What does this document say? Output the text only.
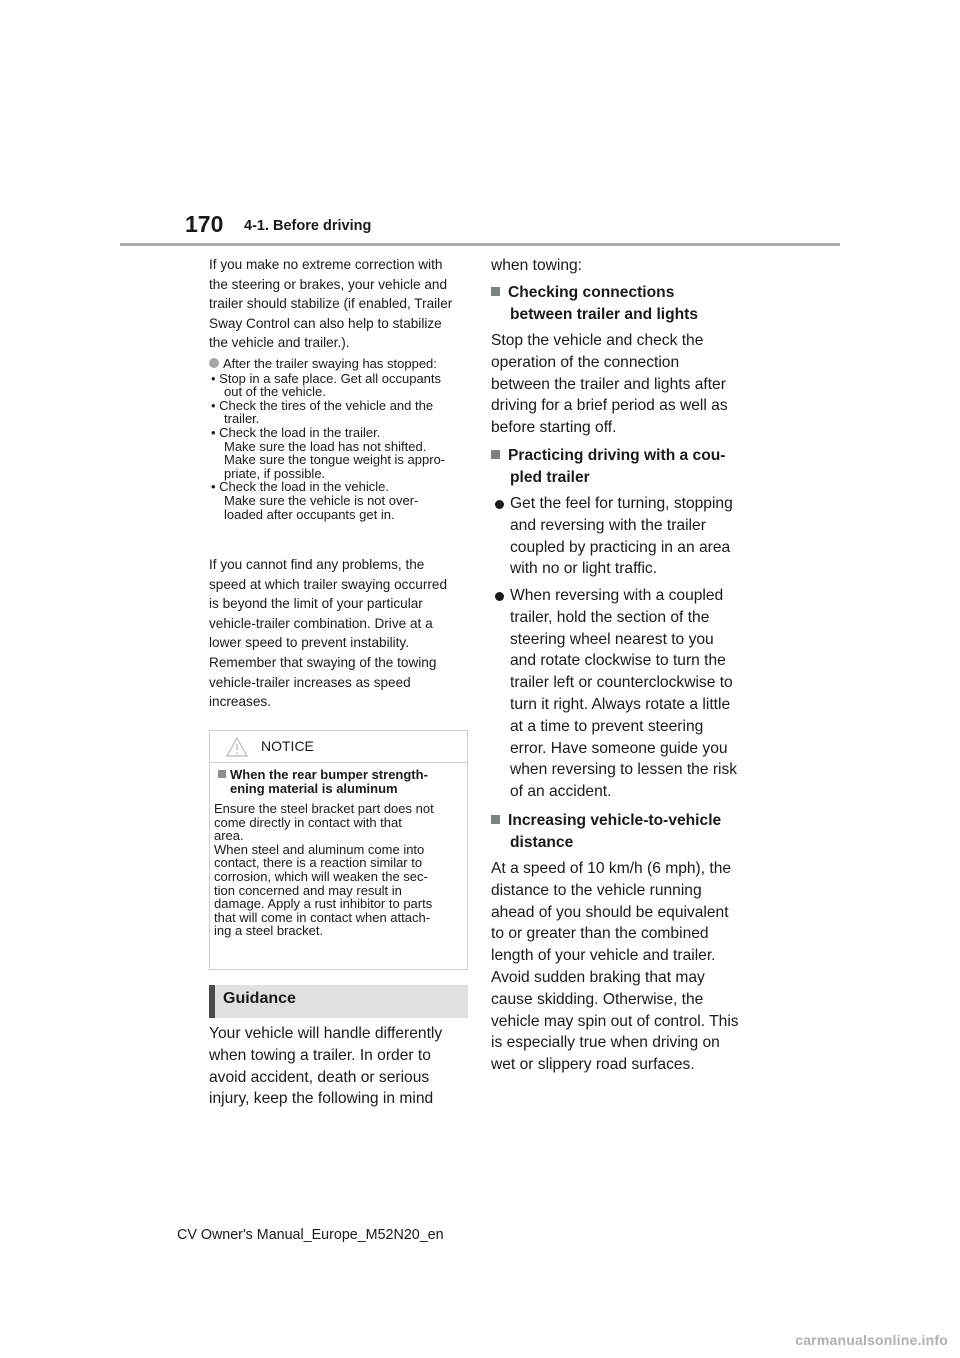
170 4-1. Before driving
If you make no extreme correction with
the steering or brakes, your vehicle and
trailer should stabilize (if enabled, Trailer
Sway Control can also help to stabilize
the vehicle and trailer.).
After the trailer swaying has stopped:
• Stop in a safe place. Get all occupants
out of the vehicle.
• Check the tires of the vehicle and the
trailer.
• Check the load in the trailer.
Make sure the load has not shifted.
Make sure the tongue weight is appro-
priate, if possible.
• Check the load in the vehicle.
Make sure the vehicle is not over-
loaded after occupants get in.
If you cannot find any problems, the
speed at which trailer swaying occurred
is beyond the limit of your particular
vehicle-trailer combination. Drive at a
lower speed to prevent instability.
Remember that swaying of the towing
vehicle-trailer increases as speed
increases.
NOTICE
When the rear bumper strength-
ening material is aluminum
Ensure the steel bracket part does not
come directly in contact with that
area.
When steel and aluminum come into
contact, there is a reaction similar to
corrosion, which will weaken the sec-
tion concerned and may result in
damage. Apply a rust inhibitor to parts
that will come in contact when attach-
ing a steel bracket.
Guidance
Your vehicle will handle differently
when towing a trailer. In order to
avoid accident, death or serious
injury, keep the following in mind
when towing:
Checking connections
between trailer and lights
Stop the vehicle and check the
operation of the connection
between the trailer and lights after
driving for a brief period as well as
before starting off.
Practicing driving with a cou-
pled trailer
Get the feel for turning, stopping
and reversing with the trailer
coupled by practicing in an area
with no or light traffic.
When reversing with a coupled
trailer, hold the section of the
steering wheel nearest to you
and rotate clockwise to turn the
trailer left or counterclockwise to
turn it right. Always rotate a little
at a time to prevent steering
error. Have someone guide you
when reversing to lessen the risk
of an accident.
Increasing vehicle-to-vehicle
distance
At a speed of 10 km/h (6 mph), the
distance to the vehicle running
ahead of you should be equivalent
to or greater than the combined
length of your vehicle and trailer.
Avoid sudden braking that may
cause skidding. Otherwise, the
vehicle may spin out of control. This
is especially true when driving on
wet or slippery road surfaces.
CV Owner's Manual_Europe_M52N20_en
carmanualsonline.info
